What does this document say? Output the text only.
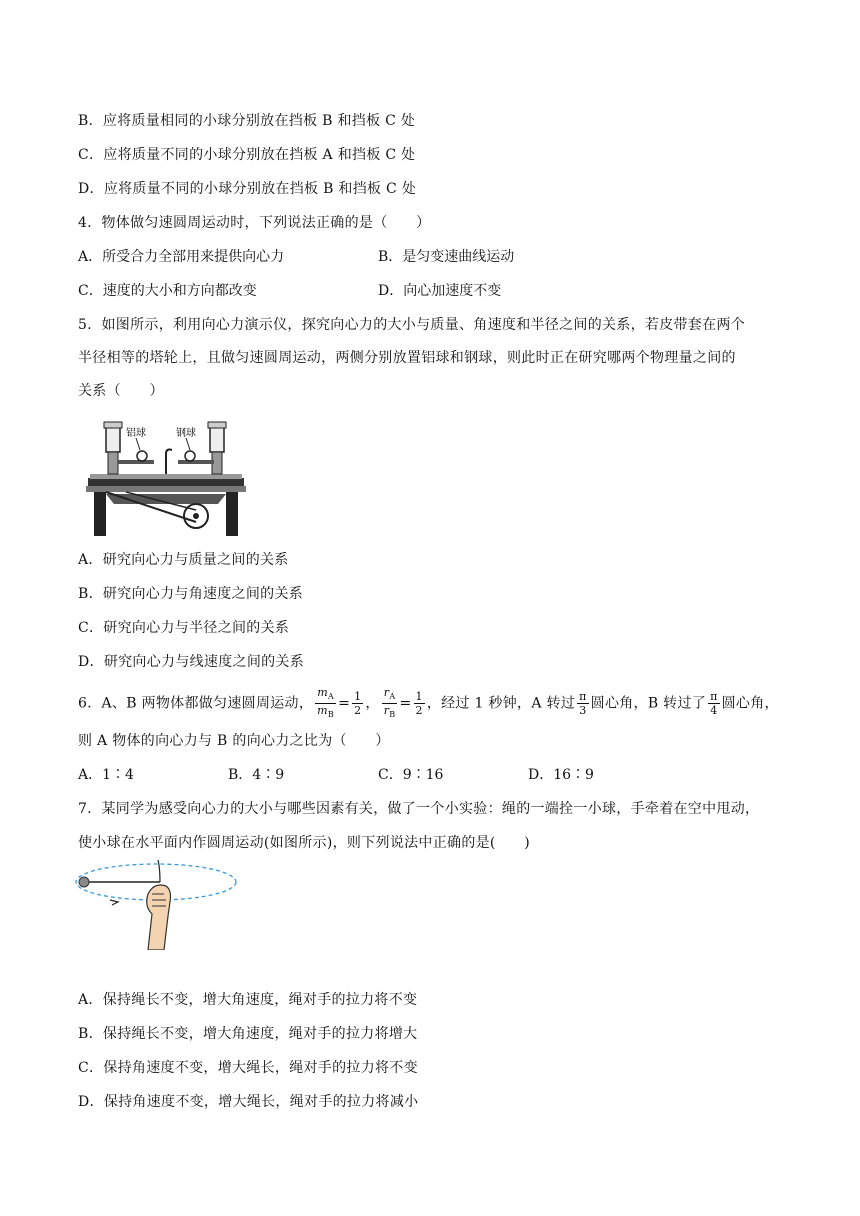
B．应将质量相同的小球分别放在挡板 B 和挡板 C 处
C．应将质量不同的小球分别放在挡板 A 和挡板 C 处
D．应将质量不同的小球分别放在挡板 B 和挡板 C 处
4．物体做匀速圆周运动时，下列说法正确的是（　　）
A．所受合力全部用来提供向心力	B．是匀变速曲线运动
C．速度的大小和方向都改变	D．向心加速度不变
5．如图所示，利用向心力演示仪，探究向心力的大小与质量、角速度和半径之间的关系，若皮带套在两个
半径相等的塔轮上，且做匀速圆周运动，两侧分别放置铝球和钢球，则此时正在研究哪两个物理量之间的
关系（　　）
铝球	钢球
A．研究向心力与质量之间的关系
B．研究向心力与角速度之间的关系
C．研究向心力与半径之间的关系
D．研究向心力与线速度之间的关系
6．A、B 两物体都做匀速圆周运动， $\frac{m_A}{m_B} = \frac{1}{2}$ ， $\frac{r_A}{r_B} = \frac{1}{2}$ ，经过 1 秒钟，A 转过 $\frac{\pi}{3}$ 圆心角，B 转过了 $\frac{\pi}{4}$ 圆心角，
则 A 物体的向心力与 B 的向心力之比为（　　）
A．1∶4	B．4∶9	C．9∶16	D．16∶9
7．某同学为感受向心力的大小与哪些因素有关，做了一个小实验：绳的一端拴一小球，手牵着在空中甩动，
使小球在水平面内作圆周运动(如图所示)，则下列说法中正确的是(　　)
A．保持绳长不变，增大角速度，绳对手的拉力将不变
B．保持绳长不变，增大角速度，绳对手的拉力将增大
C．保持角速度不变，增大绳长，绳对手的拉力将不变
D．保持角速度不变，增大绳长，绳对手的拉力将减小
